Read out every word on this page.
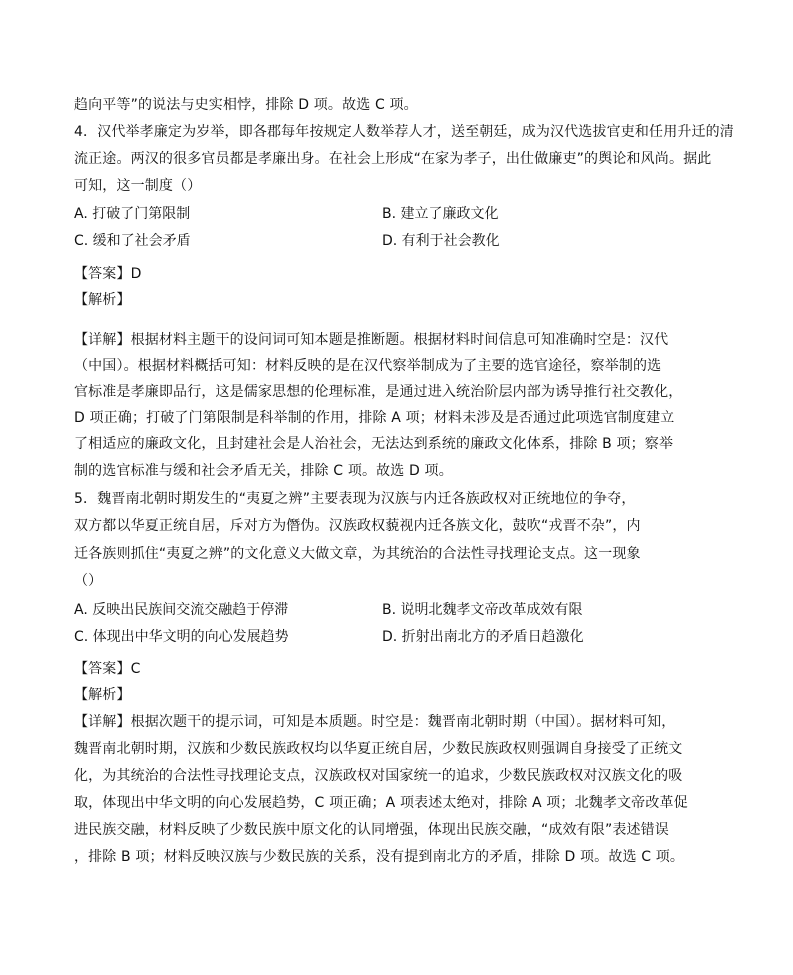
趋向平等”的说法与史实相悖，排除 D 项。故选 C 项。
4．汉代举孝廉定为岁举，即各郡每年按规定人数举荐人才，送至朝廷，成为汉代选拔官吏和任用升迁的清
流正途。两汉的很多官员都是孝廉出身。在社会上形成“在家为孝子，出仕做廉吏”的舆论和风尚。据此
可知，这一制度（）
A. 打破了门第限制	B. 建立了廉政文化
C. 缓和了社会矛盾	D. 有利于社会教化
【答案】D
【解析】
【详解】根据材料主题干的设问词可知本题是推断题。根据材料时间信息可知准确时空是：汉代
（中国）。根据材料概括可知：材料反映的是在汉代察举制成为了主要的选官途径，察举制的选
官标准是孝廉即品行，这是儒家思想的伦理标准，是通过进入统治阶层内部为诱导推行社交教化，
D 项正确；打破了门第限制是科举制的作用，排除 A 项；材料未涉及是否通过此项选官制度建立
了相适应的廉政文化，且封建社会是人治社会，无法达到系统的廉政文化体系，排除 B 项；察举
制的选官标准与缓和社会矛盾无关，排除 C 项。故选 D 项。
5．魏晋南北朝时期发生的“夷夏之辨”主要表现为汉族与内迁各族政权对正统地位的争夺，
双方都以华夏正统自居，斥对方为僭伪。汉族政权藐视内迁各族文化，鼓吹“戎晋不杂”，内
迁各族则抓住“夷夏之辨”的文化意义大做文章，为其统治的合法性寻找理论支点。这一现象
（）
A. 反映出民族间交流交融趋于停滞	B. 说明北魏孝文帝改革成效有限
C. 体现出中华文明的向心发展趋势	D. 折射出南北方的矛盾日趋激化
【答案】C
【解析】
【详解】根据次题干的提示词，可知是本质题。时空是：魏晋南北朝时期（中国）。据材料可知，
魏晋南北朝时期，汉族和少数民族政权均以华夏正统自居，少数民族政权则强调自身接受了正统文
化，为其统治的合法性寻找理论支点，汉族政权对国家统一的追求，少数民族政权对汉族文化的吸
取，体现出中华文明的向心发展趋势，C 项正确；A 项表述太绝对，排除 A 项；北魏孝文帝改革促
进民族交融，材料反映了少数民族中原文化的认同增强，体现出民族交融，“成效有限”表述错误
，排除 B 项；材料反映汉族与少数民族的关系，没有提到南北方的矛盾，排除 D 项。故选 C 项。
